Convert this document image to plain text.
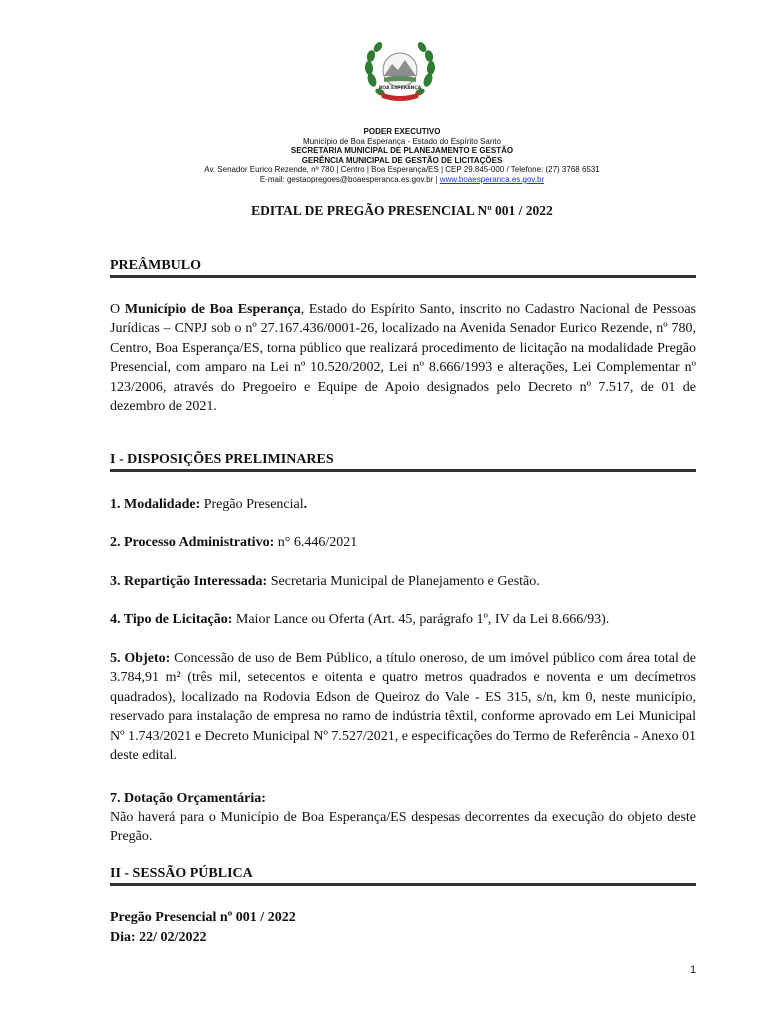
BOA ESPERANÇA
PODER EXECUTIVO
Município de Boa Esperança - Estado do Espírito Santo
SECRETARIA MUNICIPAL DE PLANEJAMENTO E GESTÃO
GERÊNCIA MUNICIPAL DE GESTÃO DE LICITAÇÕES
Av. Senador Eurico Rezende, nº 780 | Centro | Boa Esperança/ES | CEP 29.845-000 / Telefone: (27) 3768 6531
E-mail: gestaopregoes@boaesperanca.es.gov.br | www.boaesperanca.es.gov.br
EDITAL DE PREGÃO PRESENCIAL Nº 001 / 2022
PREÂMBULO
O Município de Boa Esperança, Estado do Espírito Santo, inscrito no Cadastro Nacional de Pessoas Jurídicas – CNPJ sob o nº 27.167.436/0001-26, localizado na Avenida Senador Eurico Rezende, nº 780, Centro, Boa Esperança/ES, torna público que realizará procedimento de licitação na modalidade Pregão Presencial, com amparo na Lei nº 10.520/2002, Lei nº 8.666/1993 e alterações, Lei Complementar nº 123/2006, através do Pregoeiro e Equipe de Apoio designados pelo Decreto nº 7.517, de 01 de dezembro de 2021.
I - DISPOSIÇÕES PRELIMINARES
1. Modalidade: Pregão Presencial.
2. Processo Administrativo: n° 6.446/2021
3. Repartição Interessada: Secretaria Municipal de Planejamento e Gestão.
4. Tipo de Licitação: Maior Lance ou Oferta (Art. 45, parágrafo 1º, IV da Lei 8.666/93).
5. Objeto: Concessão de uso de Bem Público, a título oneroso, de um imóvel público com área total de 3.784,91 m² (três mil, setecentos e oitenta e quatro metros quadrados e noventa e um decímetros quadrados), localizado na Rodovia Edson de Queiroz do Vale - ES 315, s/n, km 0, neste município, reservado para instalação de empresa no ramo de indústria têxtil, conforme aprovado em Lei Municipal Nº 1.743/2021 e Decreto Municipal Nº 7.527/2021, e especificações do Termo de Referência - Anexo 01 deste edital.
7. Dotação Orçamentária:
Não haverá para o Município de Boa Esperança/ES despesas decorrentes da execução do objeto deste Pregão.
II - SESSÃO PÚBLICA
Pregão Presencial nº 001 / 2022
Dia: 22/ 02/2022
1
